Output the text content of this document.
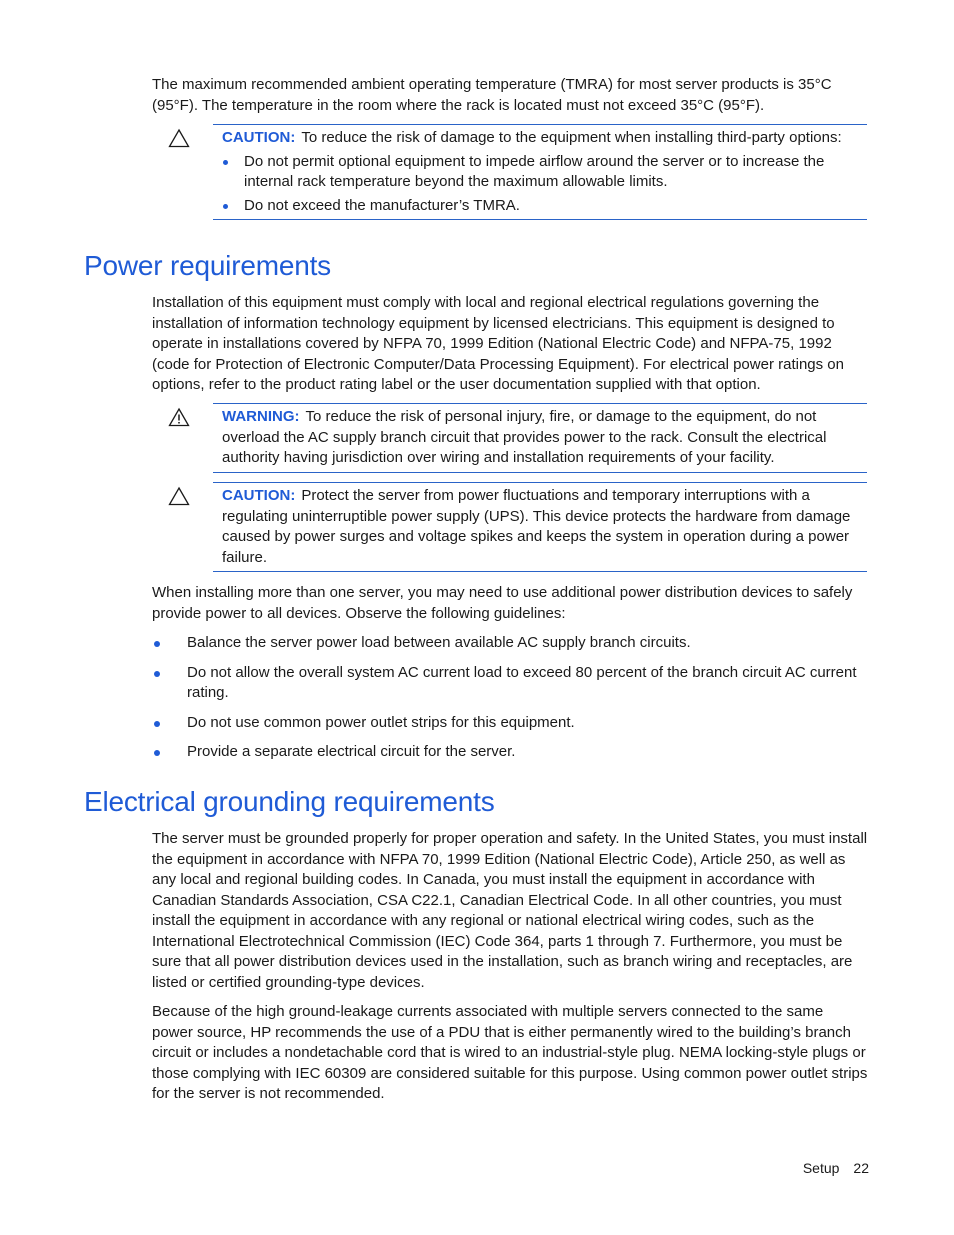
The maximum recommended ambient operating temperature (TMRA) for most server products is 35°C (95°F). The temperature in the room where the rack is located must not exceed 35°C (95°F).

CAUTION: To reduce the risk of damage to the equipment when installing third-party options:

Do not permit optional equipment to impede airflow around the server or to increase the internal rack temperature beyond the maximum allowable limits.
Do not exceed the manufacturer’s TMRA.
Power requirements

Installation of this equipment must comply with local and regional electrical regulations governing the installation of information technology equipment by licensed electricians. This equipment is designed to operate in installations covered by NFPA 70, 1999 Edition (National Electric Code) and NFPA-75, 1992 (code for Protection of Electronic Computer/Data Processing Equipment). For electrical power ratings on options, refer to the product rating label or the user documentation supplied with that option.

WARNING: To reduce the risk of personal injury, fire, or damage to the equipment, do not overload the AC supply branch circuit that provides power to the rack. Consult the electrical authority having jurisdiction over wiring and installation requirements of your facility.

CAUTION: Protect the server from power fluctuations and temporary interruptions with a regulating uninterruptible power supply (UPS). This device protects the hardware from damage caused by power surges and voltage spikes and keeps the system in operation during a power failure.

When installing more than one server, you may need to use additional power distribution devices to safely provide power to all devices. Observe the following guidelines:

Balance the server power load between available AC supply branch circuits.
Do not allow the overall system AC current load to exceed 80 percent of the branch circuit AC current rating.
Do not use common power outlet strips for this equipment.
Provide a separate electrical circuit for the server.
Electrical grounding requirements

The server must be grounded properly for proper operation and safety. In the United States, you must install the equipment in accordance with NFPA 70, 1999 Edition (National Electric Code), Article 250, as well as any local and regional building codes. In Canada, you must install the equipment in accordance with Canadian Standards Association, CSA C22.1, Canadian Electrical Code. In all other countries, you must install the equipment in accordance with any regional or national electrical wiring codes, such as the International Electrotechnical Commission (IEC) Code 364, parts 1 through 7. Furthermore, you must be sure that all power distribution devices used in the installation, such as branch wiring and receptacles, are listed or certified grounding-type devices.

Because of the high ground-leakage currents associated with multiple servers connected to the same power source, HP recommends the use of a PDU that is either permanently wired to the building’s branch circuit or includes a nondetachable cord that is wired to an industrial-style plug. NEMA locking-style plugs or those complying with IEC 60309 are considered suitable for this purpose. Using common power outlet strips for the server is not recommended.

Setup 22
